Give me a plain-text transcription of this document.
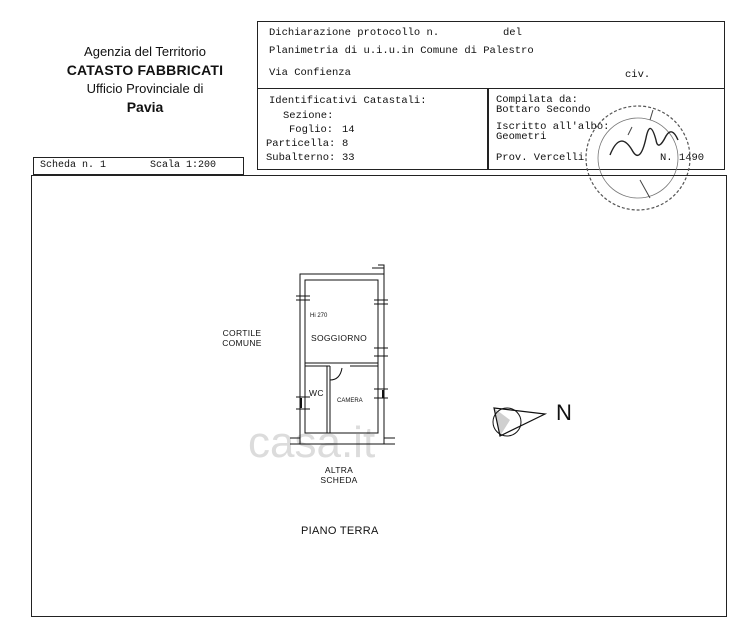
Agenzia del Territorio
CATASTO FABBRICATI
Ufficio Provinciale di
Pavia
Dichiarazione protocollo n.	del
Planimetria di u.i.u.in Comune di Palestro
Via Confienza	civ.
Identificativi Catastali:
Sezione:
Foglio: 14
Particella: 8
Subalterno: 33
Compilata da:
Bottaro Secondo
Iscritto all'albo:
Geometri
Prov. Vercelli	N. 1490
Scheda n. 1	Scala 1:200
casa.it
CORTILE
COMUNE
Hi 270
SOGGIORNO
WC
CAMERA
ALTRA
SCHEDA
PIANO TERRA
N
